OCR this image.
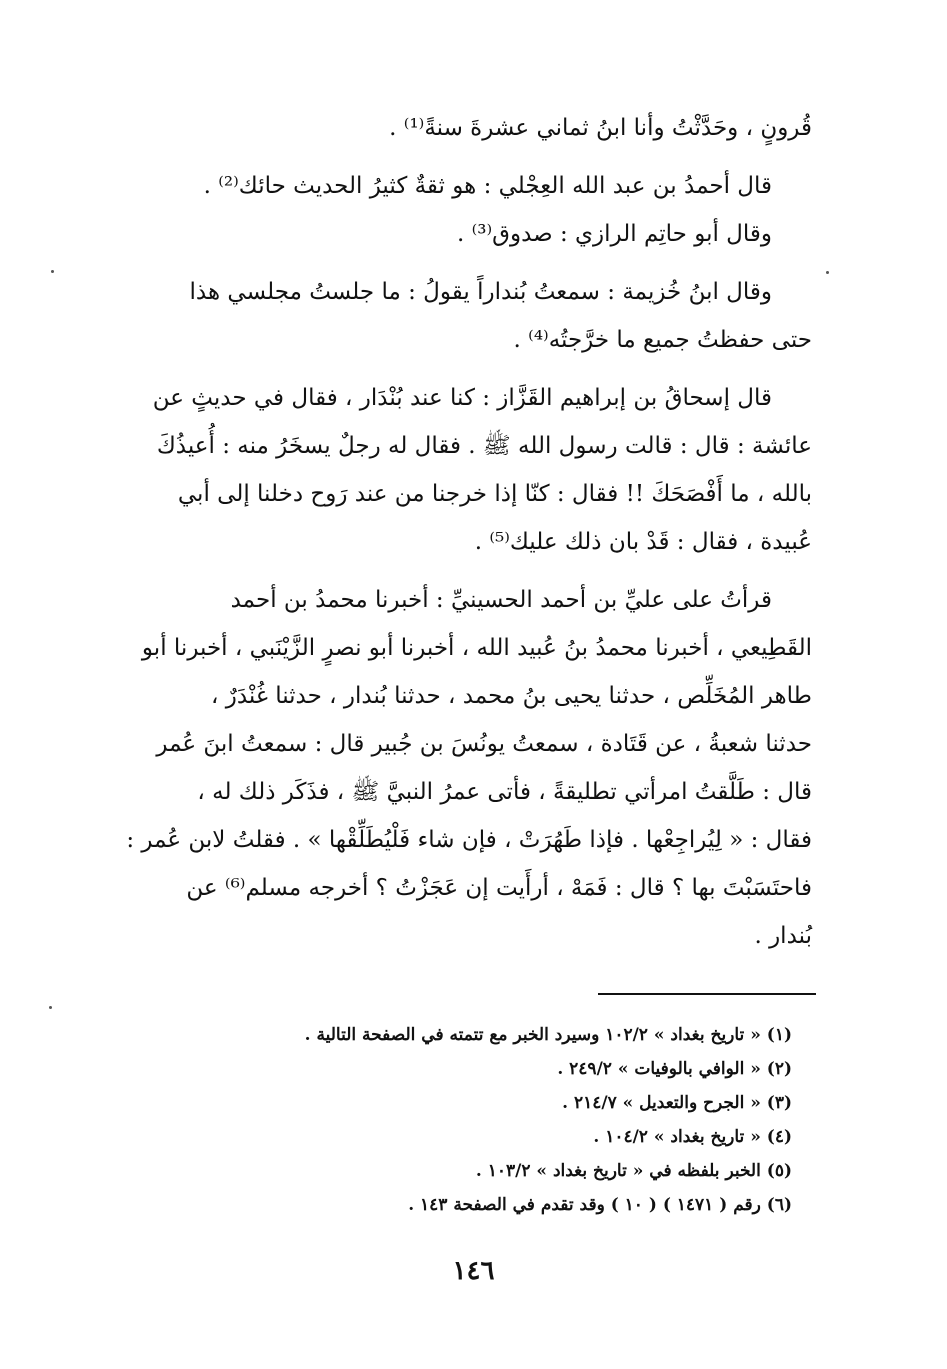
قُرونٍ ، وحَدَّثْتُ وأنا ابنُ ثماني عشرةَ سنةً⁽¹⁾ .
قال أحمدُ بن عبد الله العِجْلي : هو ثقةٌ كثيرُ الحديث حائك⁽²⁾ .
وقال أبو حاتِم الرازي : صدوق⁽³⁾ .
وقال ابنُ خُزيمة : سمعتُ بُنداراً يقولُ : ما جلستُ مجلسي هذا
حتى حفظتُ جميع ما خرَّجتُه⁽⁴⁾ .
قال إسحاقُ بن إبراهيم القَزَّاز : كنا عند بُنْدَار ، فقال في حديثٍ عن
عائشة : قال : قالت رسول الله ﷺ . فقال له رجلٌ يسخَرُ منه : أُعيذُكَ
بالله ، ما أَفْصَحَكَ !! فقال : كنّا إذا خرجنا من عند رَوح دخلنا إلى أبي
عُبيدة ، فقال : قَدْ بان ذلك عليك⁽⁵⁾ .
قرأتُ على عليِّ بن أحمد الحسينيِّ : أخبرنا محمدُ بن أحمد
القَطِيعي ، أخبرنا محمدُ بنُ عُبيد الله ، أخبرنا أبو نصرٍ الزَّيْنَبي ، أخبرنا أبو
طاهر المُخَلِّص ، حدثنا يحيى بنُ محمد ، حدثنا بُندار ، حدثنا غُنْدَرٌ ،
حدثنا شعبةُ ، عن قَتَادة ، سمعتُ يونُسَ بن جُبير قال : سمعتُ ابنَ عُمر
قال : طَلَّقتُ امرأتي تطليقةً ، فأتى عمرُ النبيَّ ﷺ ، فذَكَر ذلك له ،
فقال : « لِيُراجِعْها . فإذا طَهُرَتْ ، فإن شاء فَلْيُطَلِّقْها » . فقلتُ لابن عُمر :
فاحتَسَبْتَ بها ؟ قال : فَمَهْ ، أرأَيت إن عَجَزْتُ ؟ أخرجه مسلم⁽⁶⁾ عن
بُندار .
(١) « تاريخ بغداد » ١٠٢/٢ وسيرد الخبر مع تتمته في الصفحة التالية .
(٢) « الوافي بالوفيات » ٢٤٩/٢ .
(٣) « الجرح والتعديل » ٢١٤/٧ .
(٤) « تاريخ بغداد » ١٠٤/٢ .
(٥) الخبر بلفظه في « تاريخ بغداد » ١٠٣/٢ .
(٦) رقم ( ١٤٧١ ) ( ١٠ ) وقد تقدم في الصفحة ١٤٣ .
١٤٦
